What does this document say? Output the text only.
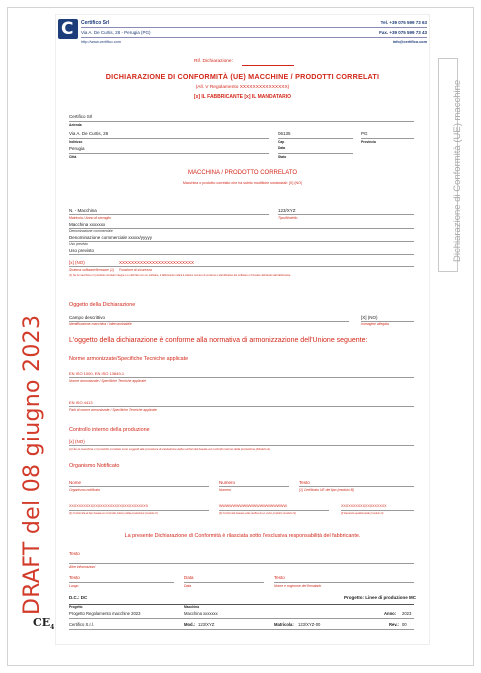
DRAFT del 08 giugno 2023
Dichiarazione di Conformità (UE) macchine
$CE_4$
C Certifico Srl	Tel. +39 075 599 73 63
Via A. De Curtis, 28 - Perugia (PG)	Fax. +39 075 599 73 43
http://www.certifico.com	info@certifico.com
Rif. Dichiarazione:
DICHIARAZIONE DI CONFORMITÀ (UE) MACCHINE / PRODOTTI CORRELATI
(All. V Regolamento XXXXXXXXXXXXXXX)
[x] IL FABBRICANTE [x] IL MANDATARIO
Certifico Srl
Azienda
Via A. De Curtis, 28	06135	PG
Indirizzo	Cap	Provincia
Perugia	Data
Città	Stato
MACCHINA / PRODOTTO CORRELATO
Macchina o prodotto correlato che ha subito modifiche sostanziali: [X] (NO)
N. - Macchina	123/XYZ
Matricola / Anno di serraglio	Tipo/Modello
Macchina xxxxxxx
Denominazione commerciale
Denominazione commerciale xxxxx/yyyyy
Uso previsto
Uso previsto
[x] (NO)	XXXXXXXXXXXXXXXXXXXXXXXXX
Sistema software/firmware (1) Funzione di sicurezza
(1) Se la macchina o il prodotto correlato integra o è utilizzato con un software, il fabbricante indica il relativo numero di versione o identificativo del software o firmware dichiarato dal fabbricante.
Oggetto della Dichiarazione
Campo descrittivo	[X] (NO)
Identificazione macchina / intercambiabile	Immagine allegata
L'oggetto della dichiarazione è conforme alla normativa di armonizzazione dell'Unione seguente:
Norme armonizzate/Specifiche Tecniche applicate
EN ISO 1000, EN ISO 13849-1
Norme armonizzate / Specifiche Tecniche applicate
EN ISO 4413
Parti di norme armonizzate / Specifiche Tecniche applicate
Controllo interno della produzione
[x] (NO)
(2) Se la macchina o il prodotto correlato sono soggetti alla procedura di valutazione della conformità basata sul controllo interno della produzione (Modulo A)
Organismo Notificato
Nome	Numero	Testo
Organismo notificato	Numero	[1] Certificato UE del tipo (modulo B)
XXXXXXXXXXXXXXXXXXXXXXXXXXXXXXXXX	WWWWWWWWWWWWWWWWWWWW	XXXXXXXXXXXXXXXXXXX
[1] Conformità al tipo basata sul controllo interno della produzione (modulo C)	[b] Conformità basata sulla verifica di un unico prodotto (modulo G)	[f] Garanzia qualità totale (modulo H)
La presente Dichiarazione di Conformità è rilasciata sotto l'esclusiva responsabilità del fabbricante.
Testo
Altre informazioni
Testo	Data	Testo
Luogo	Data	Nome e cognome del firmatario
D.C.: DC	Progetto: Linee di produzione MC
Progetto	Macchina
Progetto Regolamento macchine 2023	Macchina xxxxxxx	Anno: 2023
Certifico S.r.l.	Mod.: 123/XYZ	Matricola: 123/XYZ-00	Rev.: 00
